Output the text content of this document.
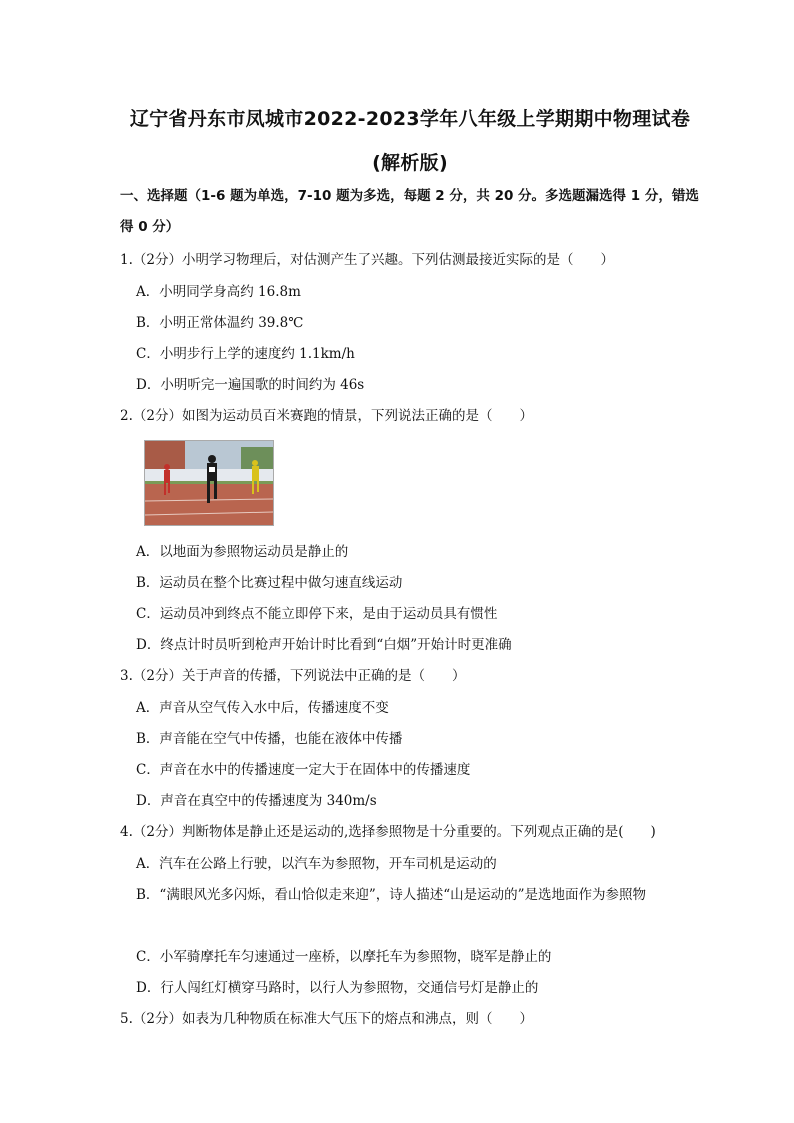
辽宁省丹东市凤城市2022-2023学年八年级上学期期中物理试卷
(解析版)
一、选择题（1-6 题为单选，7-10 题为多选，每题 2 分，共 20 分。多选题漏选得 1 分，错选得 0 分）
1.（2分）小明学习物理后，对估测产生了兴趣。下列估测最接近实际的是（　　）
A．小明同学身高约 16.8m
B．小明正常体温约 39.8℃
C．小明步行上学的速度约 1.1km/h
D．小明听完一遍国歌的时间约为 46s
2.（2分）如图为运动员百米赛跑的情景，下列说法正确的是（　　）
A．以地面为参照物运动员是静止的
B．运动员在整个比赛过程中做匀速直线运动
C．运动员冲到终点不能立即停下来，是由于运动员具有惯性
D．终点计时员听到枪声开始计时比看到“白烟”开始计时更准确
3.（2分）关于声音的传播，下列说法中正确的是（　　）
A．声音从空气传入水中后，传播速度不变
B．声音能在空气中传播，也能在液体中传播
C．声音在水中的传播速度一定大于在固体中的传播速度
D．声音在真空中的传播速度为 340m/s
4.（2分）判断物体是静止还是运动的,选择参照物是十分重要的。下列观点正确的是(　　)
A．汽车在公路上行驶，以汽车为参照物，开车司机是运动的
B．“满眼风光多闪烁，看山恰似走来迎”，诗人描述“山是运动的”是选地面作为参照物
C．小军骑摩托车匀速通过一座桥，以摩托车为参照物，晓军是静止的
D．行人闯红灯横穿马路时，以行人为参照物，交通信号灯是静止的
5.（2分）如表为几种物质在标准大气压下的熔点和沸点，则（　　）
